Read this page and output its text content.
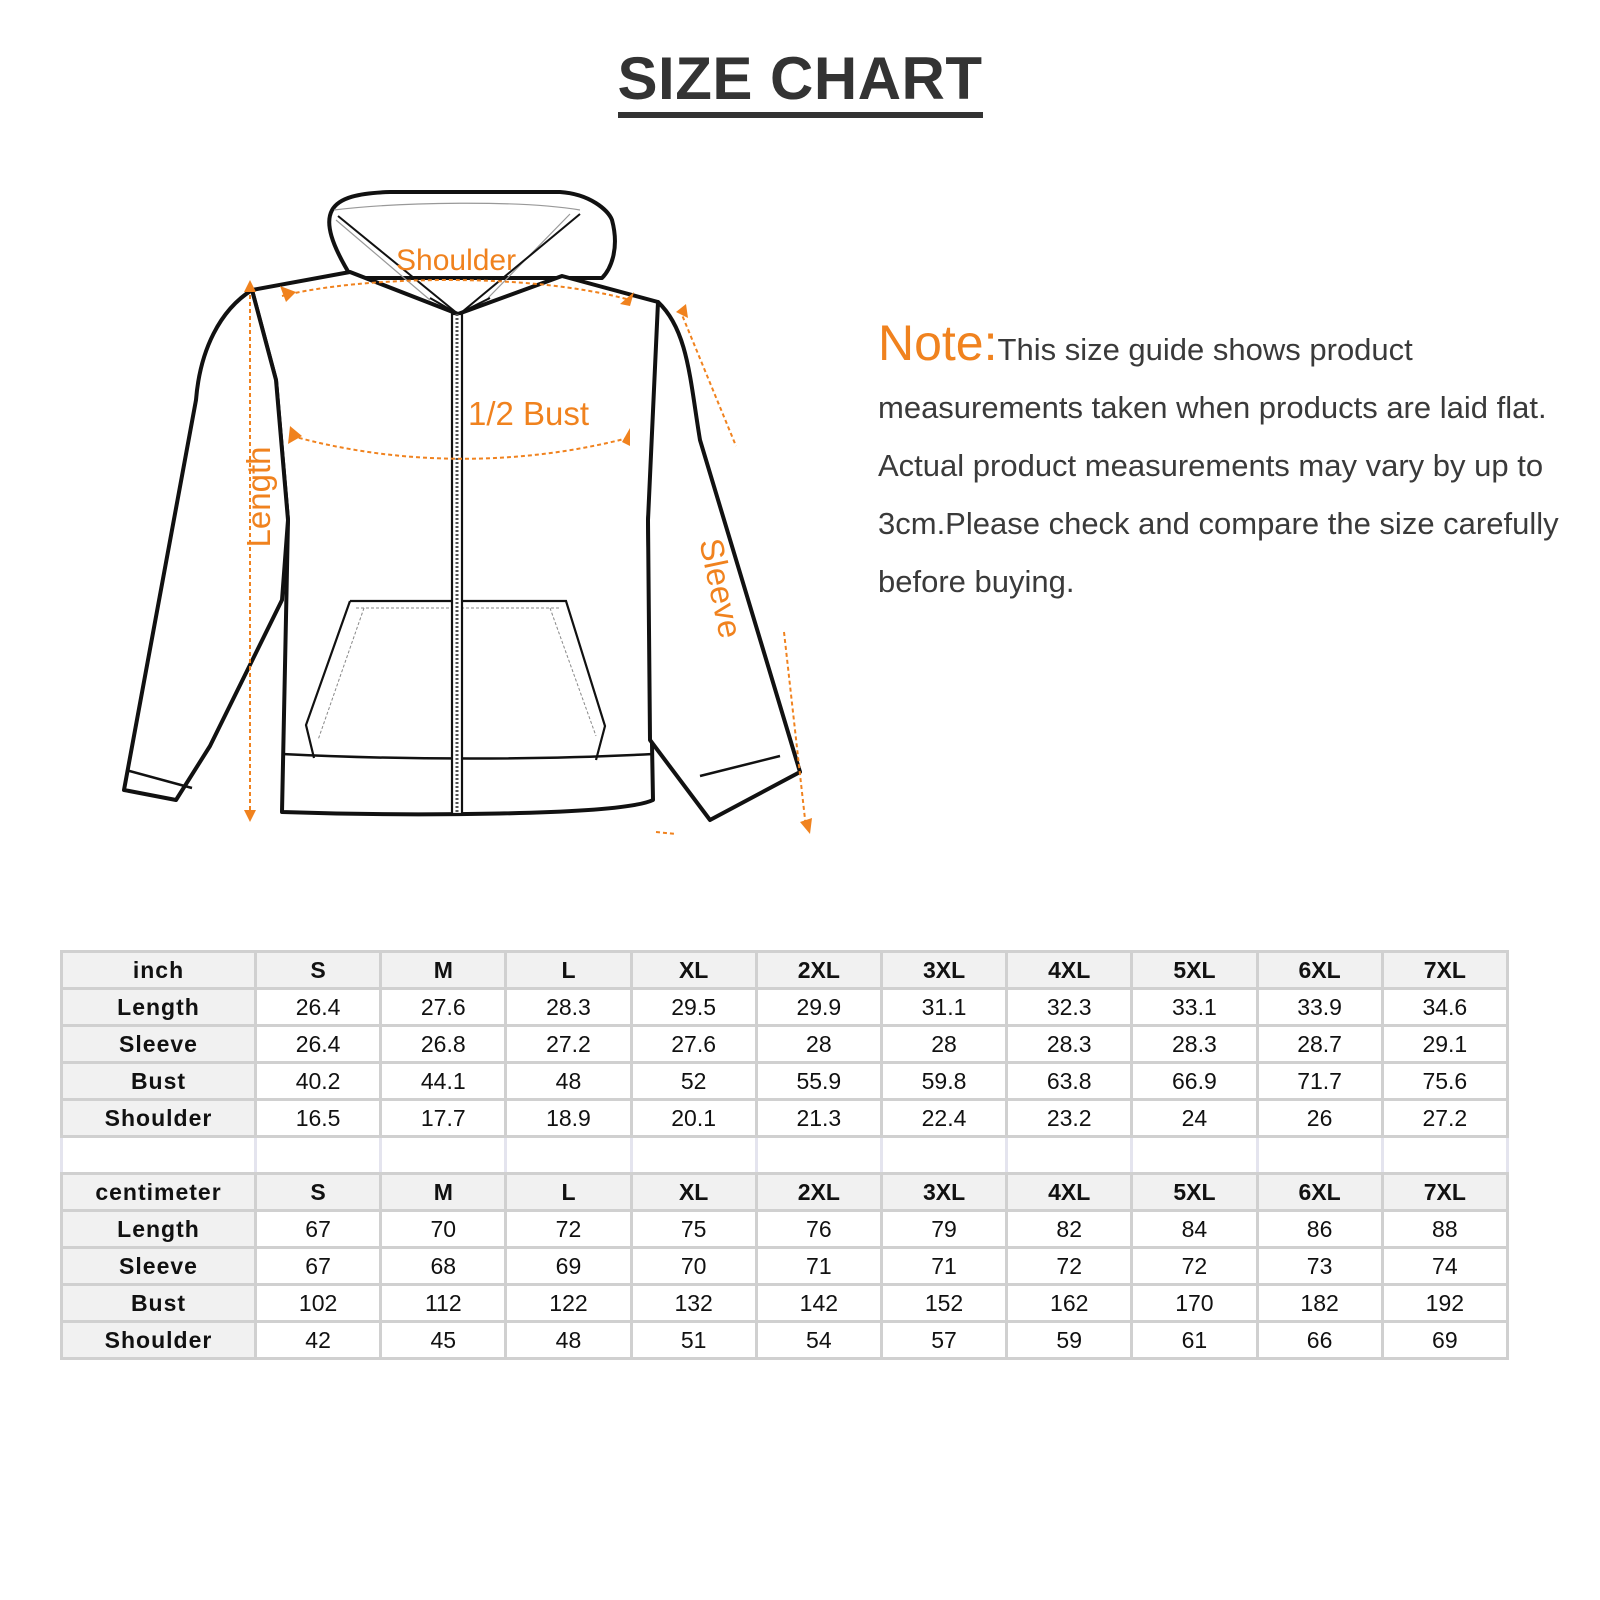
SIZE CHART
Shoulder
1/2 Bust
Length
Sleeve
Note:This size guide shows product measurements taken when products are laid flat. Actual product measurements may vary by up to 3cm.Please check and compare the size carefully before buying.
inch	S	M	L	XL	2XL	3XL	4XL	5XL	6XL	7XL
Length	26.4	27.6	28.3	29.5	29.9	31.1	32.3	33.1	33.9	34.6
Sleeve	26.4	26.8	27.2	27.6	28	28	28.3	28.3	28.7	29.1
Bust	40.2	44.1	48	52	55.9	59.8	63.8	66.9	71.7	75.6
Shoulder	16.5	17.7	18.9	20.1	21.3	22.4	23.2	24	26	27.2

centimeter	S	M	L	XL	2XL	3XL	4XL	5XL	6XL	7XL
Length	67	70	72	75	76	79	82	84	86	88
Sleeve	67	68	69	70	71	71	72	72	73	74
Bust	102	112	122	132	142	152	162	170	182	192
Shoulder	42	45	48	51	54	57	59	61	66	69
